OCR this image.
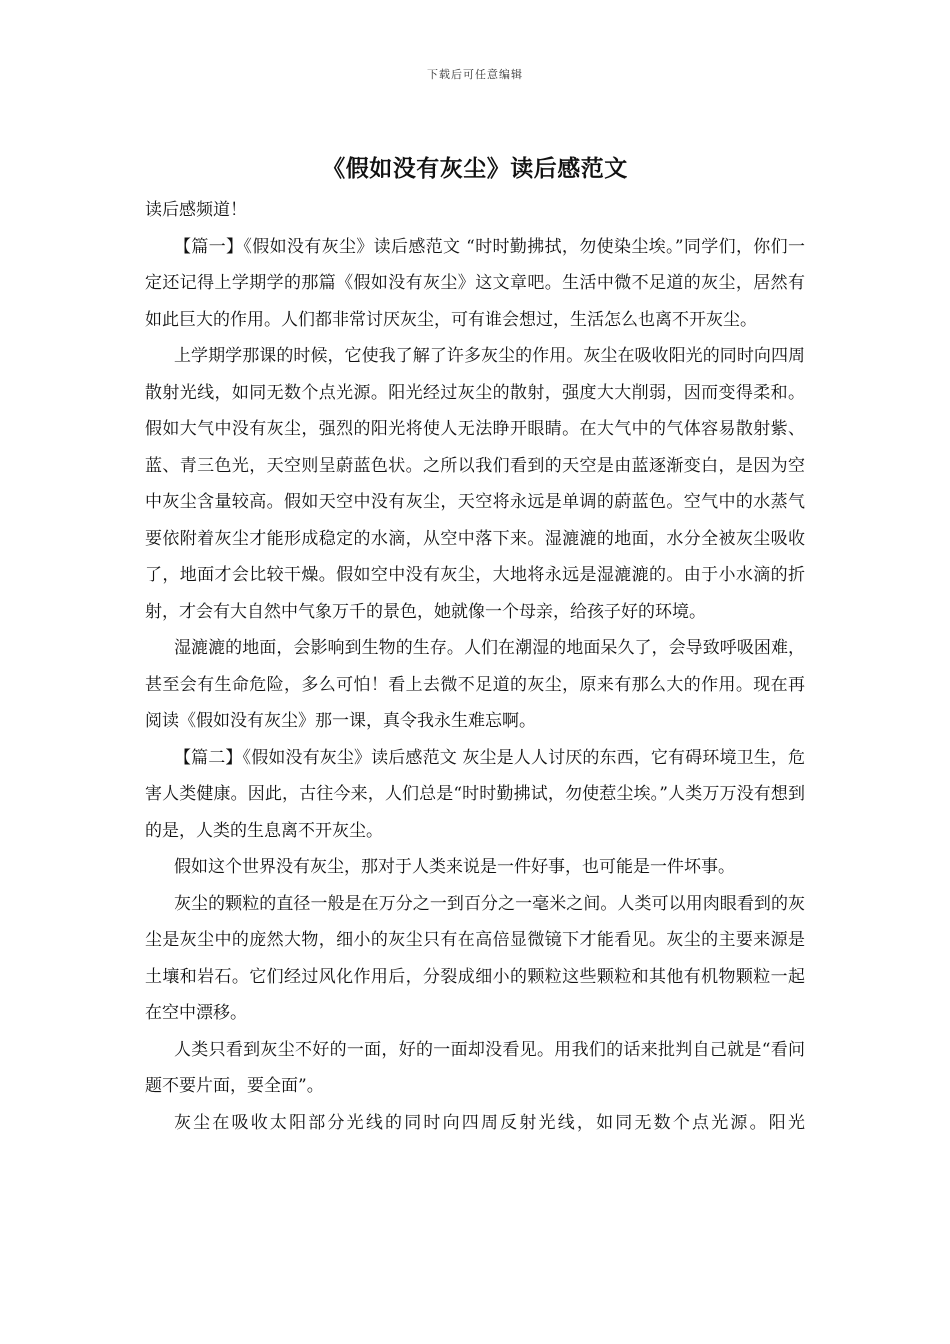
下载后可任意编辑
《假如没有灰尘》读后感范文

读后感频道！

【篇一】《假如没有灰尘》读后感范文 “时时勤拂拭，勿使染尘埃。”同学们，你们一定还记得上学期学的那篇《假如没有灰尘》这文章吧。生活中微不足道的灰尘，居然有如此巨大的作用。人们都非常讨厌灰尘，可有谁会想过，生活怎么也离不开灰尘。

上学期学那课的时候，它使我了解了许多灰尘的作用。灰尘在吸收阳光的同时向四周散射光线，如同无数个点光源。阳光经过灰尘的散射，强度大大削弱，因而变得柔和。假如大气中没有灰尘，强烈的阳光将使人无法睁开眼睛。在大气中的气体容易散射紫、蓝、青三色光，天空则呈蔚蓝色状。之所以我们看到的天空是由蓝逐渐变白，是因为空中灰尘含量较高。假如天空中没有灰尘，天空将永远是单调的蔚蓝色。空气中的水蒸气要依附着灰尘才能形成稳定的水滴，从空中落下来。湿漉漉的地面，水分全被灰尘吸收了，地面才会比较干燥。假如空中没有灰尘，大地将永远是湿漉漉的。由于小水滴的折射，才会有大自然中气象万千的景色，她就像一个母亲，给孩子好的环境。

湿漉漉的地面，会影响到生物的生存。人们在潮湿的地面呆久了，会导致呼吸困难，甚至会有生命危险，多么可怕！看上去微不足道的灰尘，原来有那么大的作用。现在再阅读《假如没有灰尘》那一课，真令我永生难忘啊。

【篇二】《假如没有灰尘》读后感范文 灰尘是人人讨厌的东西，它有碍环境卫生，危害人类健康。因此，古往今来，人们总是“时时勤拂试，勿使惹尘埃。”人类万万没有想到的是，人类的生息离不开灰尘。

假如这个世界没有灰尘，那对于人类来说是一件好事，也可能是一件坏事。

灰尘的颗粒的直径一般是在万分之一到百分之一毫米之间。人类可以用肉眼看到的灰尘是灰尘中的庞然大物，细小的灰尘只有在高倍显微镜下才能看见。灰尘的主要来源是土壤和岩石。它们经过风化作用后，分裂成细小的颗粒这些颗粒和其他有机物颗粒一起在空中漂移。

人类只看到灰尘不好的一面，好的一面却没看见。用我们的话来批判自己就是“看问题不要片面，要全面”。

灰尘在吸收太阳部分光线的同时向四周反射光线，如同无数个点光源。阳光
